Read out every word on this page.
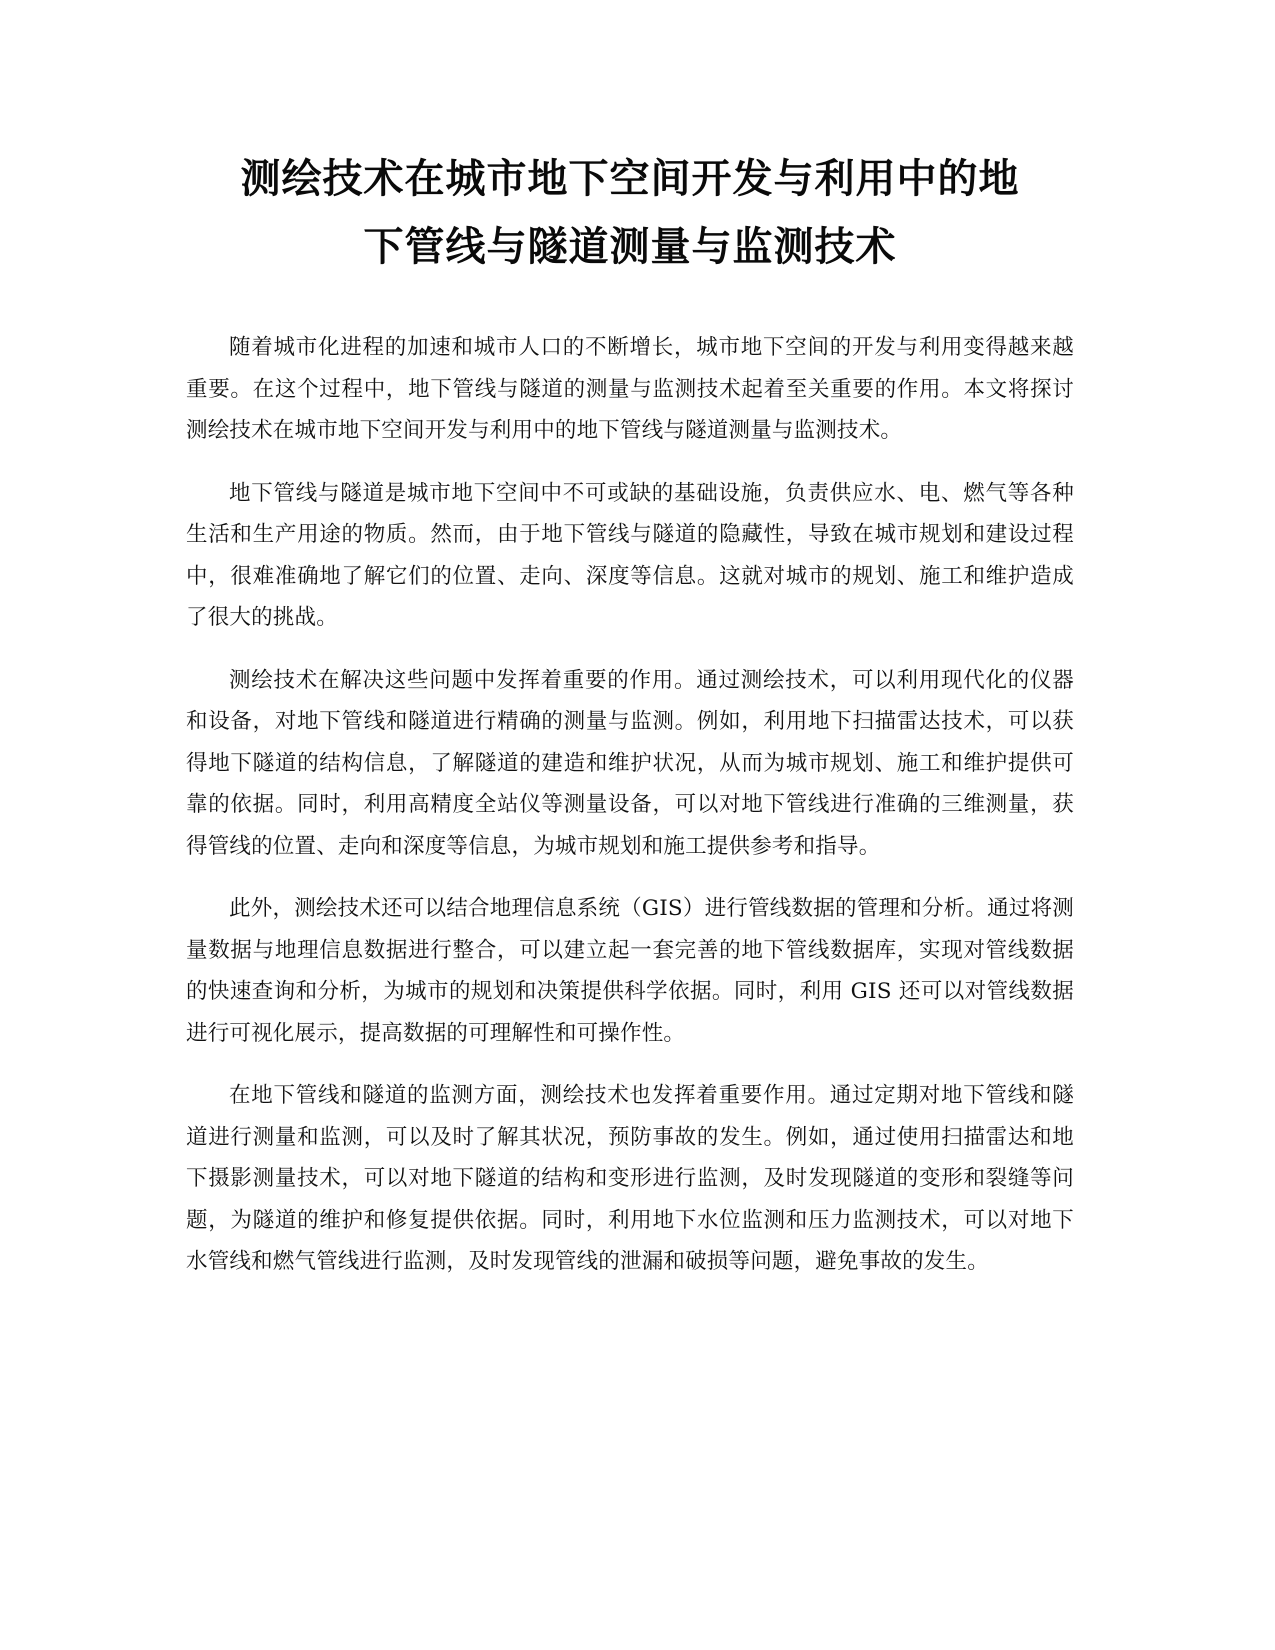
测绘技术在城市地下空间开发与利用中的地
下管线与隧道测量与监测技术

随着城市化进程的加速和城市人口的不断增长，城市地下空间的开发与利用变得越来越重要。在这个过程中，地下管线与隧道的测量与监测技术起着至关重要的作用。本文将探讨测绘技术在城市地下空间开发与利用中的地下管线与隧道测量与监测技术。

地下管线与隧道是城市地下空间中不可或缺的基础设施，负责供应水、电、燃气等各种生活和生产用途的物质。然而，由于地下管线与隧道的隐藏性，导致在城市规划和建设过程中，很难准确地了解它们的位置、走向、深度等信息。这就对城市的规划、施工和维护造成了很大的挑战。

测绘技术在解决这些问题中发挥着重要的作用。通过测绘技术，可以利用现代化的仪器和设备，对地下管线和隧道进行精确的测量与监测。例如，利用地下扫描雷达技术，可以获得地下隧道的结构信息，了解隧道的建造和维护状况，从而为城市规划、施工和维护提供可靠的依据。同时，利用高精度全站仪等测量设备，可以对地下管线进行准确的三维测量，获得管线的位置、走向和深度等信息，为城市规划和施工提供参考和指导。

此外，测绘技术还可以结合地理信息系统（GIS）进行管线数据的管理和分析。通过将测量数据与地理信息数据进行整合，可以建立起一套完善的地下管线数据库，实现对管线数据的快速查询和分析，为城市的规划和决策提供科学依据。同时，利用 GIS 还可以对管线数据进行可视化展示，提高数据的可理解性和可操作性。

在地下管线和隧道的监测方面，测绘技术也发挥着重要作用。通过定期对地下管线和隧道进行测量和监测，可以及时了解其状况，预防事故的发生。例如，通过使用扫描雷达和地下摄影测量技术，可以对地下隧道的结构和变形进行监测，及时发现隧道的变形和裂缝等问题，为隧道的维护和修复提供依据。同时，利用地下水位监测和压力监测技术，可以对地下水管线和燃气管线进行监测，及时发现管线的泄漏和破损等问题，避免事故的发生。
